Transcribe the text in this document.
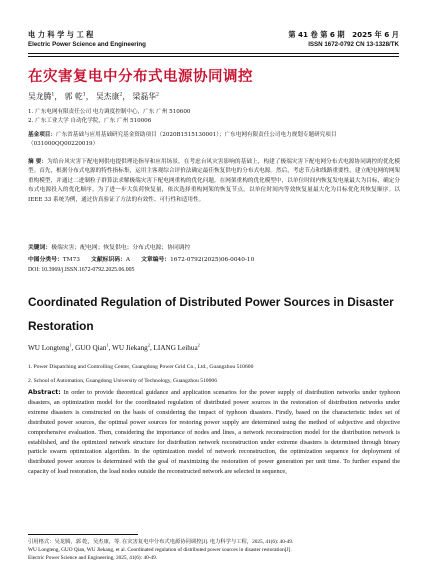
电 力 科 学 与 工 程
Electric Power Science and Engineering
第 41 卷 第 6 期 2025 年 6 月
ISSN 1672-0792 CN 13-1328/TK
在灾害复电中分布式电源协同调控
吴龙腾$^1$， 郭 乾$^1$， 吴杰康$^2$， 梁磊华$^2$
1. 广东电网有限责任公司 电力调度控制中心，广东 广州 510600
2. 广东工业大学 自动化学院，广东 广州 510006
基金项目：广东省基础与应用基础研究基金资助项目（2020B1515130001）；广东电网有限责任公司电力规划专题研究项目（031000QQ00220019）
摘 要：为给台风灾害下配电网供电提供理论指导和应用场景，在考虑台风灾害影响的基础上，构建了极端灾害下配电网分布式电源协同调控的优化模型。首先，根据分布式电源的特性指标集，运用主客观综合评价法确定最佳恢复供电的分布式电源。然后，考虑节点和线路重要性，建立配电网的网架重构模型，并通过二进制粒子群算法求解极端灾害下配电网重构的优化问题。在网架重构的优化模型中，以单位时间内恢复发电量最大为目标，确定分布式电源投入的优化顺序。为了进一步大负荷恢复量，依次选择重构网架的恢复节点，以单位时间内等效恢复量最大化为目标优化其恢复顺序。以 IEEE 33 系统为例，通过仿真验证了方法的有效性、可行性和适用性。
关键词：极端灾害；配电网；恢复供电；分布式电源；协同调控
中图分类号：TM73 文献标识码：A 文章编号：1672-0792(2025)06-0040-10
DOI: 10.3969/j.ISSN.1672-0792.2025.06.005
Coordinated Regulation of Distributed Power Sources in Disaster Restoration
WU Longteng$^1$, GUO Qian$^1$, WU Jiekang$^2$, LIANG Leihua$^2$
1. Power Dispatching and Controlling Center, Guangdong Power Grid Co., Ltd., Guangzhou 510600
2. School of Automation, Guangdong University of Technology, Guangzhou 510006
Abstract: In order to provide theoretical guidance and application scenarios for the power supply of distribution networks under typhoon disasters, an optimization model for the coordinated regulation of distributed power sources in the restoration of distribution networks under extreme disasters is constructed on the basis of considering the impact of typhoon disasters. Firstly, based on the characteristic index set of distributed power sources, the optimal power sources for restoring power supply are determined using the method of subjective and objective comprehensive evaluation. Then, considering the importance of nodes and lines, a network reconstruction model for the distribution network is established, and the optimized network structure for distribution network reconstruction under extreme disasters is determined through binary particle swarm optimization algorithm. In the optimization model of network reconstruction, the optimization sequence for deployment of distributed power sources is determined with the goal of maximizing the restoration of power generation per unit time. To further expand the capacity of load restoration, the load nodes outside the reconstructed network are selected in sequence,
引用格式：吴龙腾，郭 乾，吴杰康，等. 在灾害复电中分布式电源协同调控[J]. 电力科学与工程，2025, 41(6): 40-49.
WU Longteng, GUO Qian, WU Jiekang, et al. Coordinated regulation of distributed power sources in disaster restoration[J].
Electric Power Science and Engineering, 2025, 41(6): 40-49.
